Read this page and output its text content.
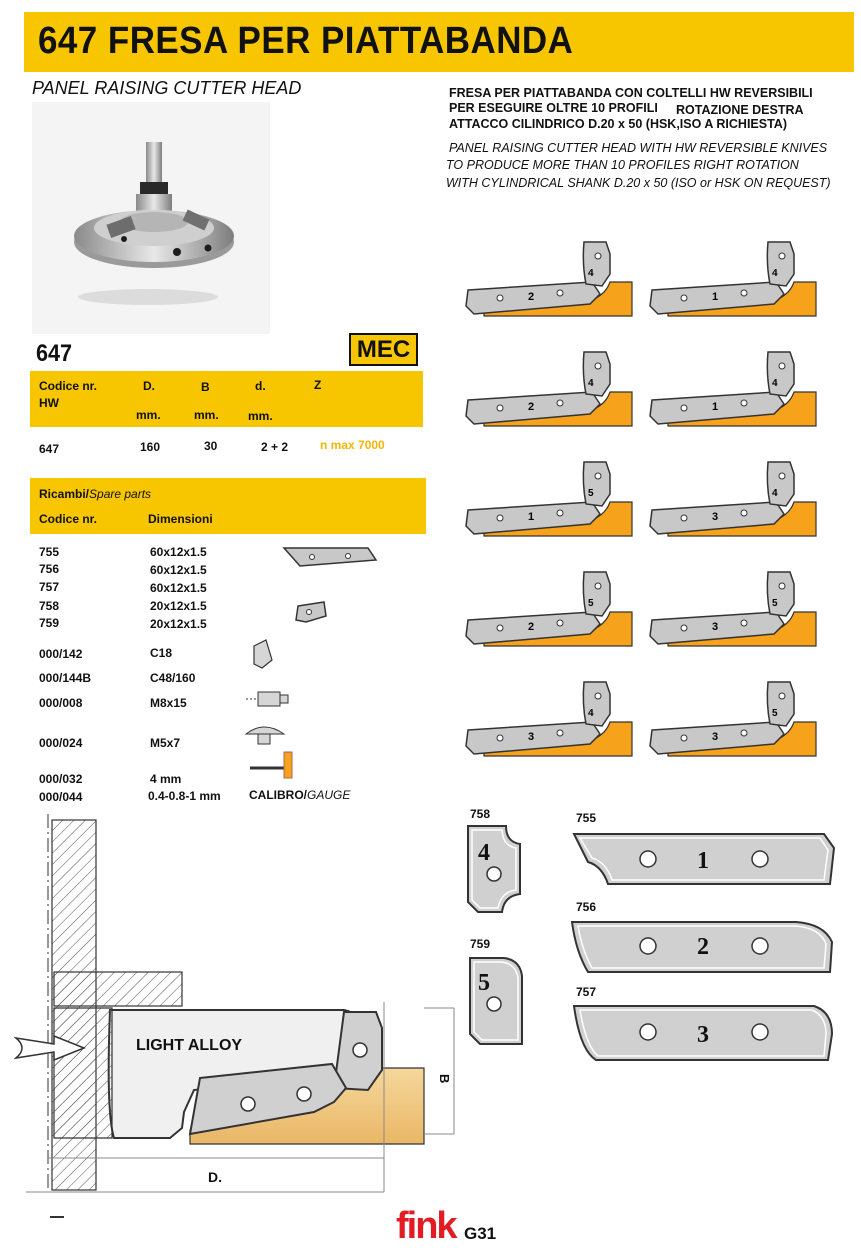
647 FRESA PER PIATTABANDA
PANEL RAISING CUTTER HEAD	FRESA PER PIATTABANDA CON COLTELLI HW REVERSIBILI
PER ESEGUIRE OLTRE 10 PROFILI ROTAZIONE DESTRA
ATTACCO CILINDRICO D.20 x 50 (HSK,ISO A RICHIESTA)
PANEL RAISING CUTTER HEAD WITH HW REVERSIBLE KNIVES
TO PRODUCE MORE THAN 10 PROFILES RIGHT ROTATION
WITH CYLINDRICAL SHANK D.20 x 50 (ISO or HSK ON REQUEST)
647	MEC
Codice nr.
HW
D.	B	d.	Z
mm.	mm. mm.
647	160	30	2 + 2	n max 7000
Ricambi/Spare parts
Codice nr.	Dimensioni
755	60x12x1.5
756	60x12x1.5
757	60x12x1.5
758	20x12x1.5
759	20x12x1.5
000/142	C18
000/144B	C48/160
000/008	M8x15
000/024	M5x7
000/032	4 mm
000/044	0.4-0.8-1 mm CALIBRO/GAUGE
2
4
1
4
2
4
1
4
1
5
3
4
2
5
3
5
3
4
3
5
758
4
759
5
755
1
756
2
757
3
LIGHT ALLOY
B
D.
fink G31
